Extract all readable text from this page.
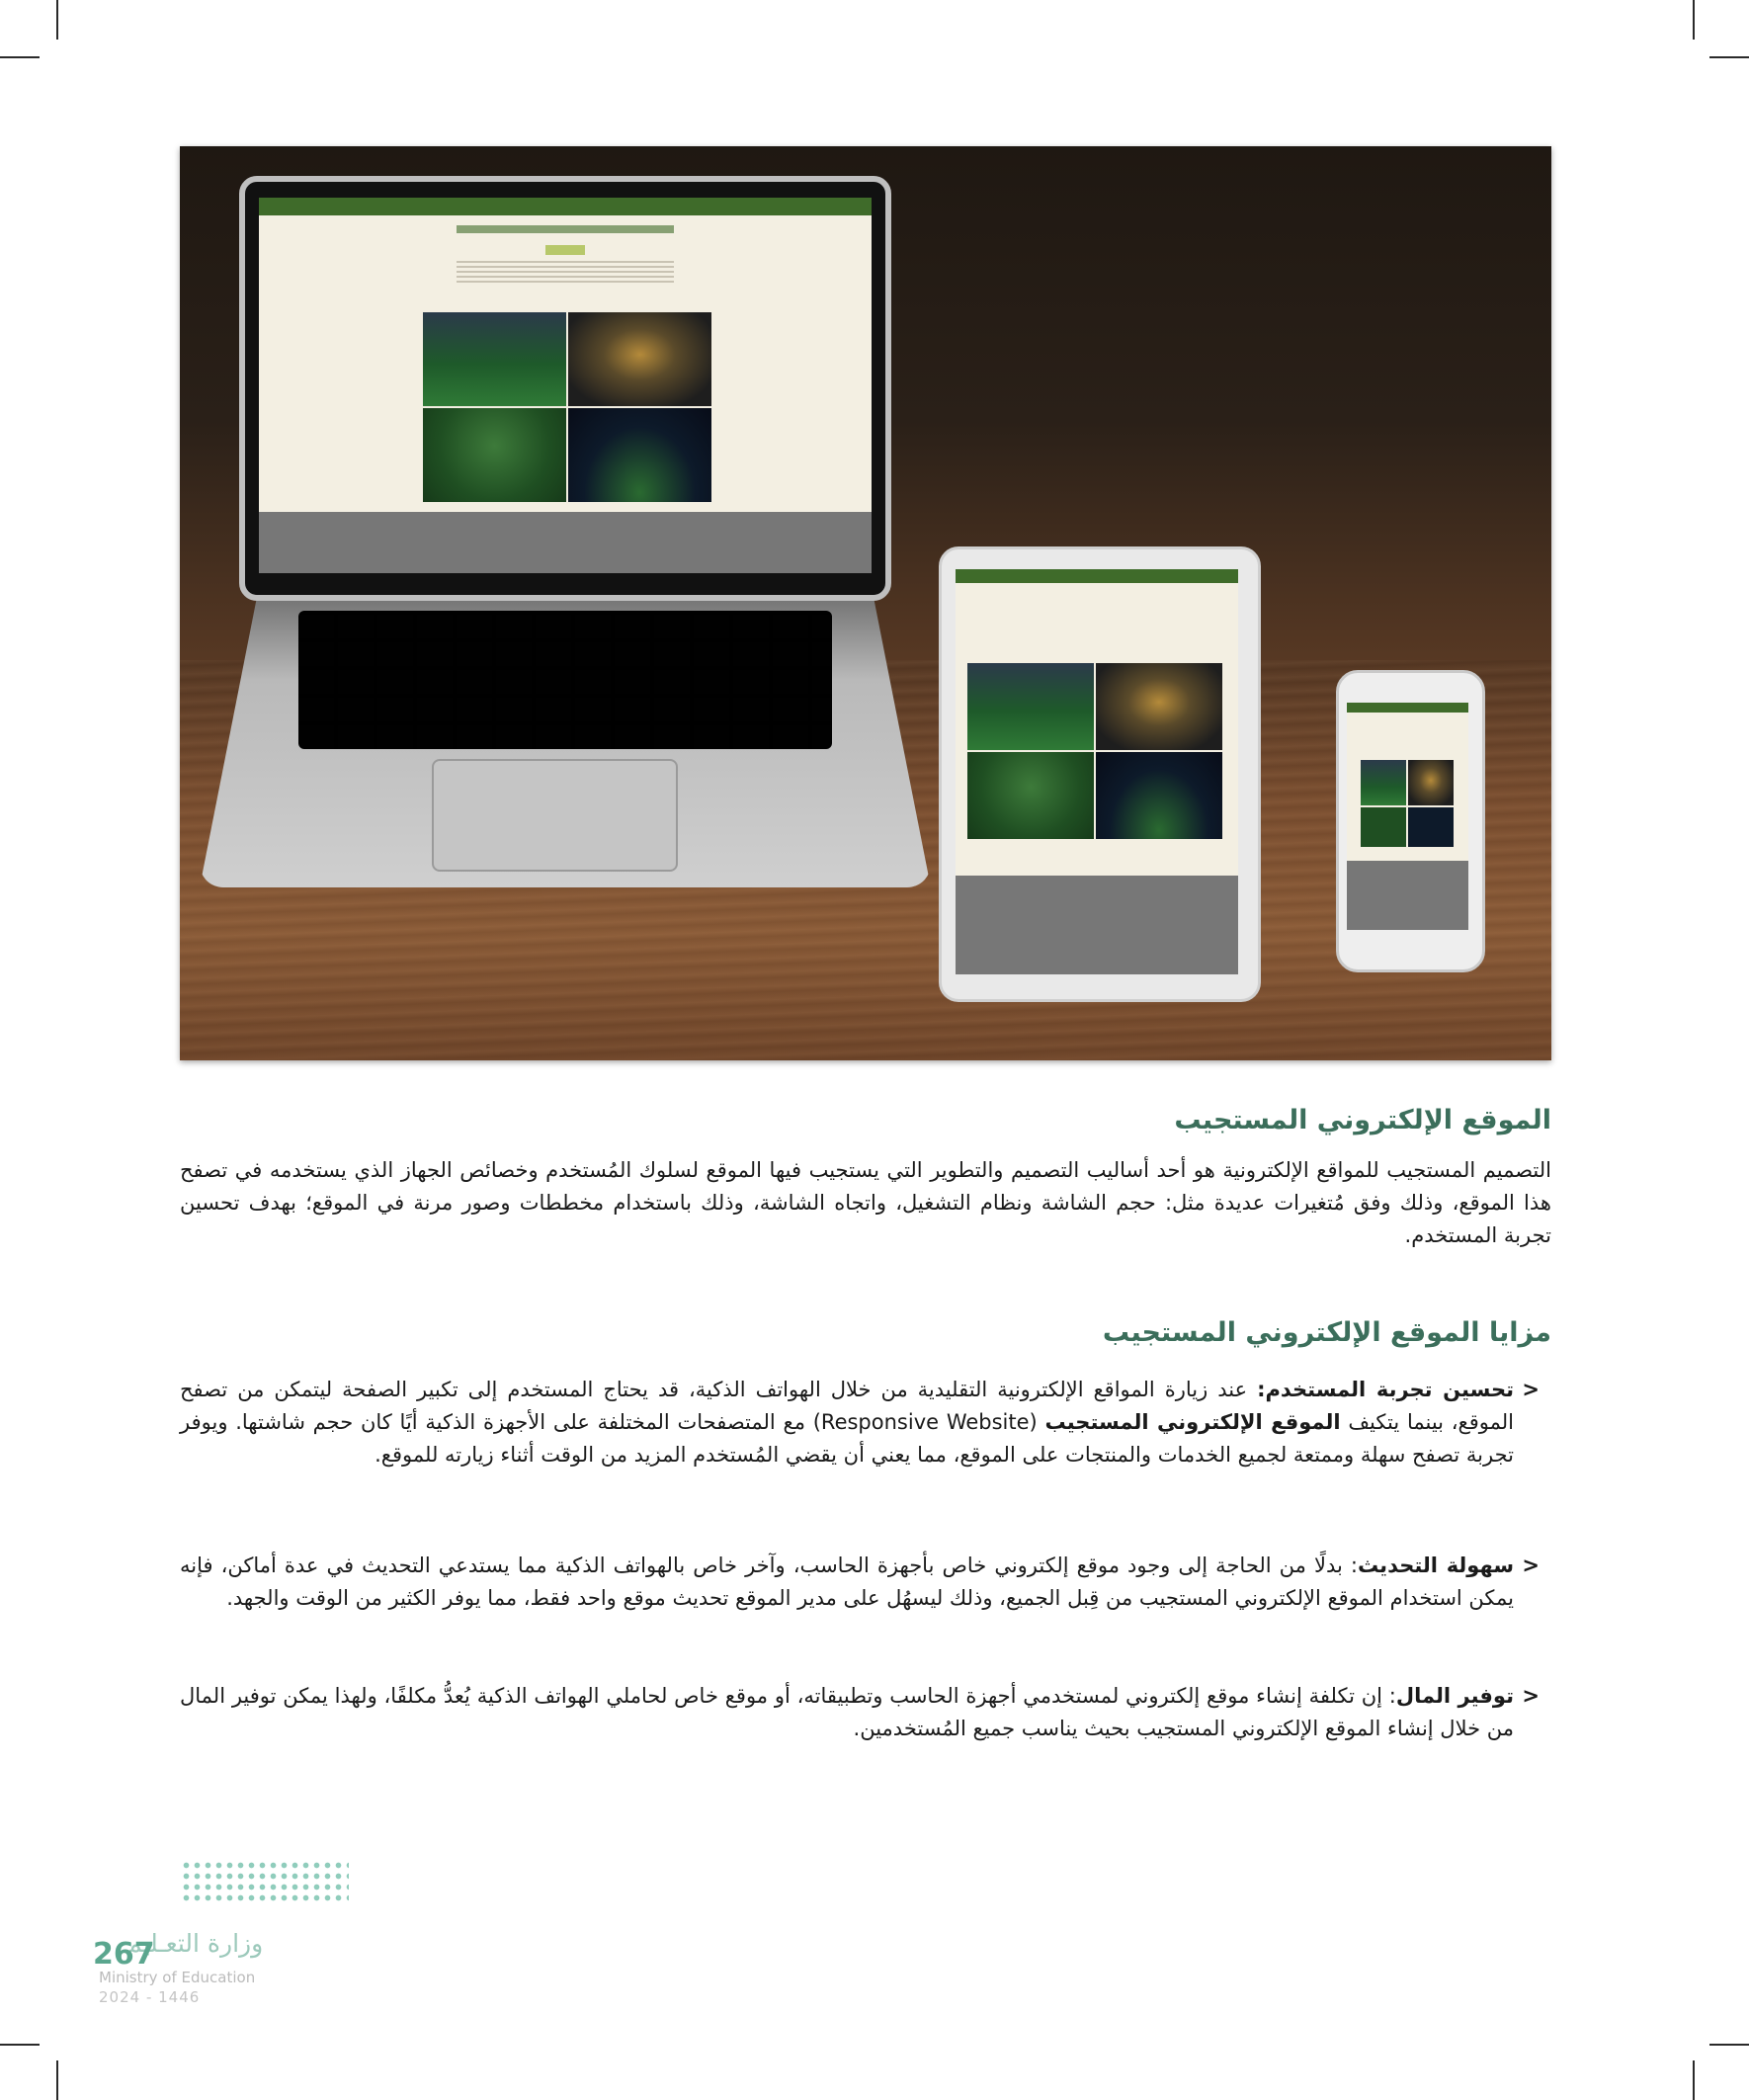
الموقع الإلكتروني المستجيب

التصميم المستجيب للمواقع الإلكترونية هو أحد أساليب التصميم والتطوير التي يستجيب فيها الموقع لسلوك المُستخدم وخصائص الجهاز الذي يستخدمه في تصفح هذا الموقع، وذلك وفق مُتغيرات عديدة مثل: حجم الشاشة ونظام التشغيل، واتجاه الشاشة، وذلك باستخدام مخططات وصور مرنة في الموقع؛ بهدف تحسين تجربة المستخدم.

مزايا الموقع الإلكتروني المستجيب
<
تحسين تجربة المستخدم: عند زيارة المواقع الإلكترونية التقليدية من خلال الهواتف الذكية، قد يحتاج المستخدم إلى تكبير الصفحة ليتمكن من تصفح الموقع، بينما يتكيف الموقع الإلكتروني المستجيب (Responsive Website) مع المتصفحات المختلفة على الأجهزة الذكية أيًا كان حجم شاشتها. ويوفر تجربة تصفح سهلة وممتعة لجميع الخدمات والمنتجات على الموقع، مما يعني أن يقضي المُستخدم المزيد من الوقت أثناء زيارته للموقع.
<
سهولة التحديث: بدلًا من الحاجة إلى وجود موقع إلكتروني خاص بأجهزة الحاسب، وآخر خاص بالهواتف الذكية مما يستدعي التحديث في عدة أماكن، فإنه يمكن استخدام الموقع الإلكتروني المستجيب من قِبل الجميع، وذلك ليسهُل على مدير الموقع تحديث موقع واحد فقط، مما يوفر الكثير من الوقت والجهد.
<
توفير المال: إن تكلفة إنشاء موقع إلكتروني لمستخدمي أجهزة الحاسب وتطبيقاته، أو موقع خاص لحاملي الهواتف الذكية يُعدُّ مكلفًا، ولهذا يمكن توفير المال من خلال إنشاء الموقع الإلكتروني المستجيب بحيث يناسب جميع المُستخدمين.
وزارة التعـليم
267
Ministry of Education
2024 - 1446
